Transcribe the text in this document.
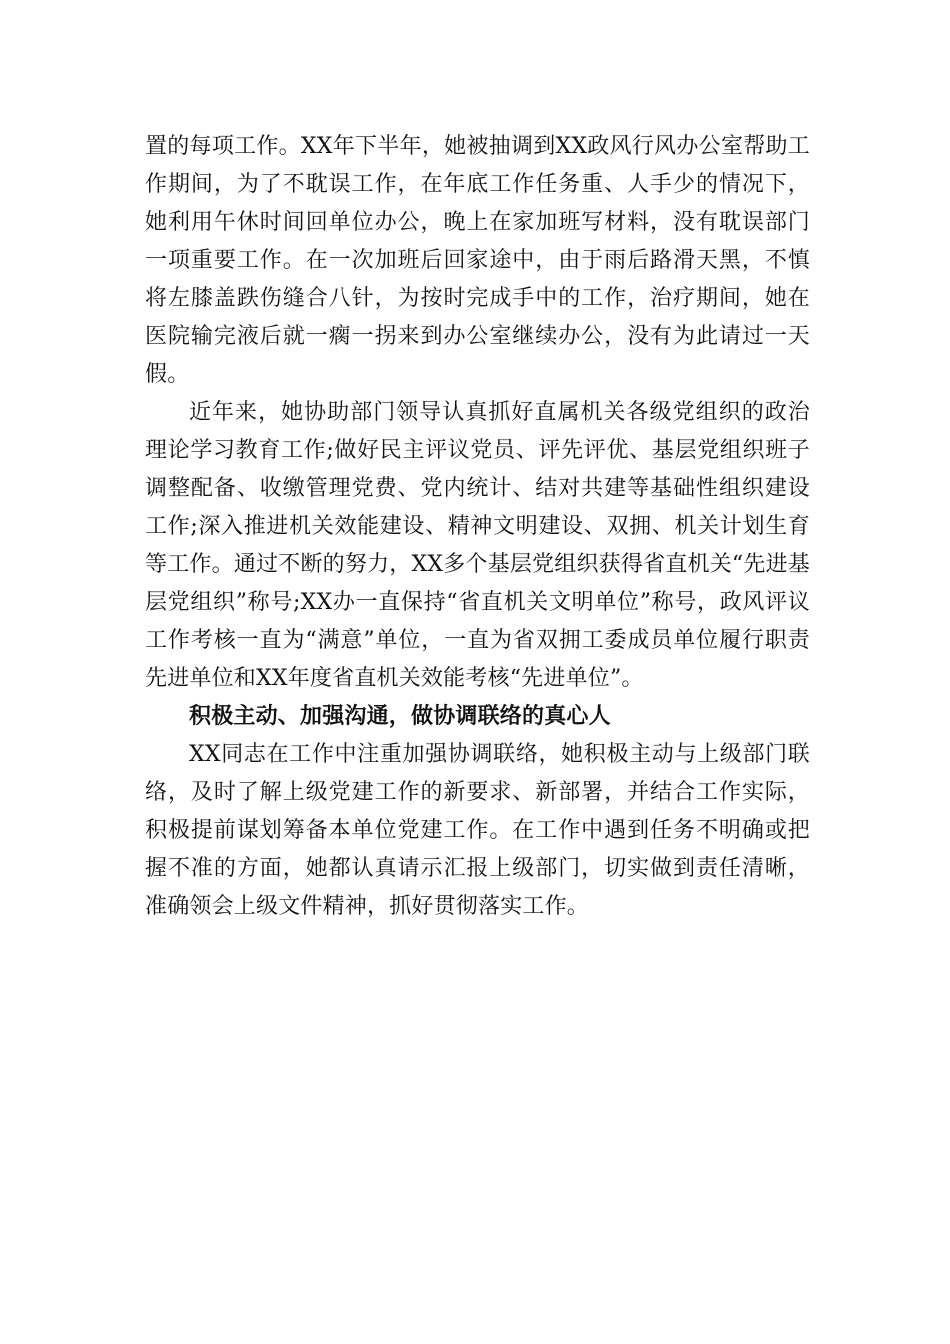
置的每项工作。XX年下半年，她被抽调到XX政风行风办公室帮助工作期间，为了不耽误工作，在年底工作任务重、人手少的情况下，她利用午休时间回单位办公，晚上在家加班写材料，没有耽误部门一项重要工作。在一次加班后回家途中，由于雨后路滑天黑，不慎将左膝盖跌伤缝合八针，为按时完成手中的工作，治疗期间，她在医院输完液后就一瘸一拐来到办公室继续办公，没有为此请过一天假。

近年来，她协助部门领导认真抓好直属机关各级党组织的政治理论学习教育工作;做好民主评议党员、评先评优、基层党组织班子调整配备、收缴管理党费、党内统计、结对共建等基础性组织建设工作;深入推进机关效能建设、精神文明建设、双拥、机关计划生育等工作。通过不断的努力，XX多个基层党组织获得省直机关“先进基层党组织”称号;XX办一直保持“省直机关文明单位”称号，政风评议工作考核一直为“满意”单位，一直为省双拥工委成员单位履行职责先进单位和XX年度省直机关效能考核“先进单位”。

积极主动、加强沟通，做协调联络的真心人

XX同志在工作中注重加强协调联络，她积极主动与上级部门联络，及时了解上级党建工作的新要求、新部署，并结合工作实际，积极提前谋划筹备本单位党建工作。在工作中遇到任务不明确或把握不准的方面，她都认真请示汇报上级部门，切实做到责任清晰，准确领会上级文件精神，抓好贯彻落实工作。
